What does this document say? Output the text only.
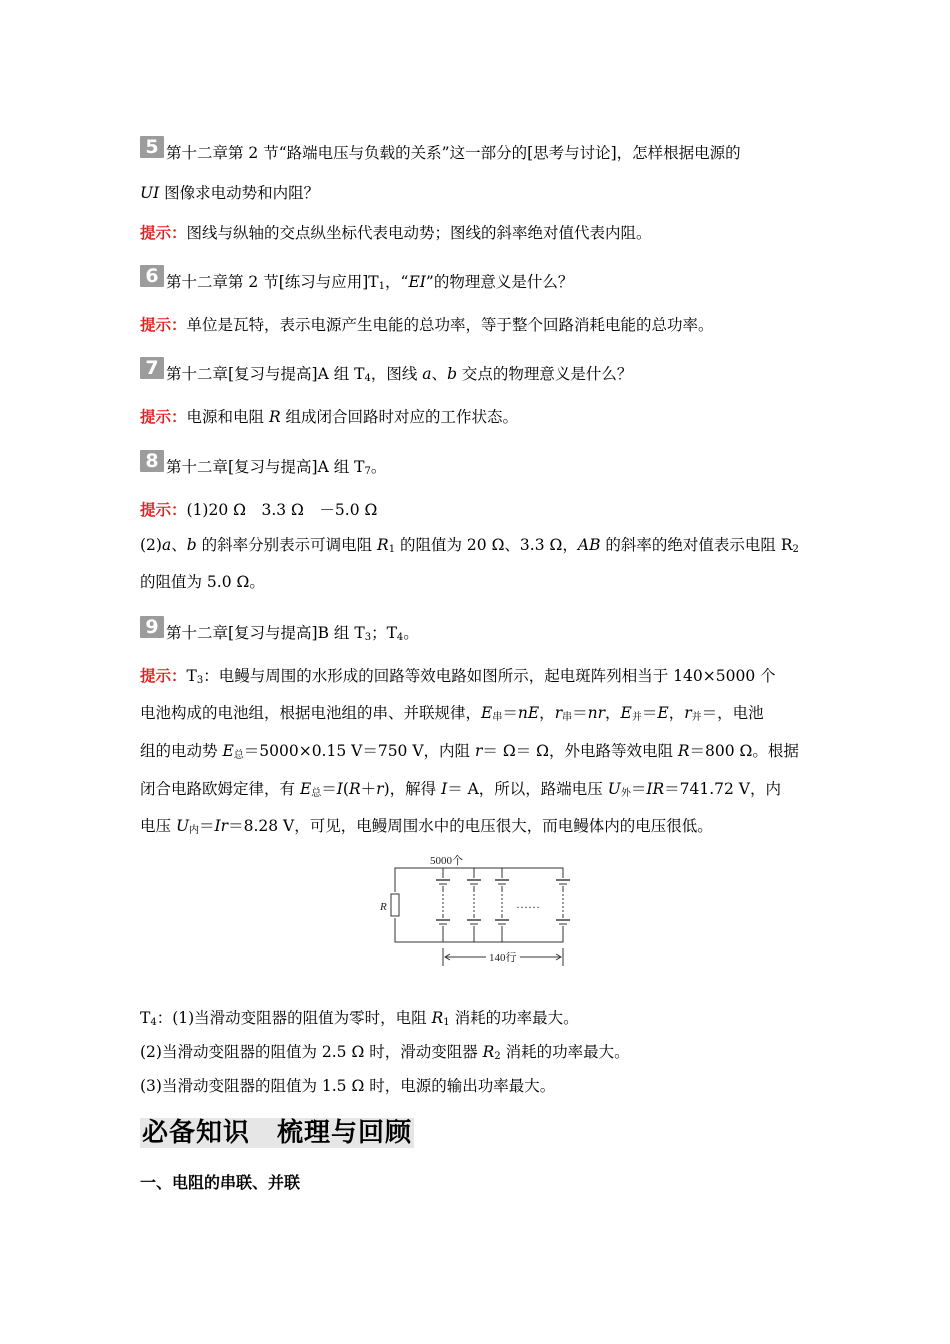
5 第十二章第 2 节“路端电压与负载的关系”这一部分的[思考与讨论]，怎样根据电源的
UI 图像求电动势和内阻？
提示：图线与纵轴的交点纵坐标代表电动势；图线的斜率绝对值代表内阻。
6 第十二章第 2 节[练习与应用]$T_1$，“EI”的物理意义是什么？
提示：单位是瓦特，表示电源产生电能的总功率，等于整个回路消耗电能的总功率。
7 第十二章[复习与提高]A 组 $T_4$，图线 a、b 交点的物理意义是什么？
提示：电源和电阻 R 组成闭合回路时对应的工作状态。
8 第十二章[复习与提高]A 组 $T_7$。
提示：(1)20 Ω　3.3 Ω　－5.0 Ω
(2)a、b 的斜率分别表示可调电阻 $R_1$ 的阻值为 20 Ω、3.3 Ω，AB 的斜率的绝对值表示电阻 $R_2$
的阻值为 5.0 Ω。
9 第十二章[复习与提高]B 组 $T_3$；$T_4$。
提示：$T_3$：电鳗与周围的水形成的回路等效电路如图所示，起电斑阵列相当于 140×5000 个
电池构成的电池组，根据电池组的串、并联规律，$E_串=nE$，$r_串=nr$，$E_并=E$，$r_并=$，电池
组的电动势 $E_总=5000\times 0.15$ V＝750 V，内阻 r＝ Ω＝ Ω，外电路等效电阻 R＝800 Ω。根据
闭合电路欧姆定律，有 $E_总=I(R+r)$，解得 I＝ A，所以，路端电压 $U_外=IR=741.72$ V，内
电压 $U_内=Ir=8.28$ V，可见，电鳗周围水中的电压很大，而电鳗体内的电压很低。
5000个
140行
R	……
$T_4$：(1)当滑动变阻器的阻值为零时，电阻 $R_1$ 消耗的功率最大。
(2)当滑动变阻器的阻值为 2.5 Ω 时，滑动变阻器 $R_2$ 消耗的功率最大。
(3)当滑动变阻器的阻值为 1.5 Ω 时，电源的输出功率最大。
必备知识　 梳理与回顾
一、电阻的串联、并联
